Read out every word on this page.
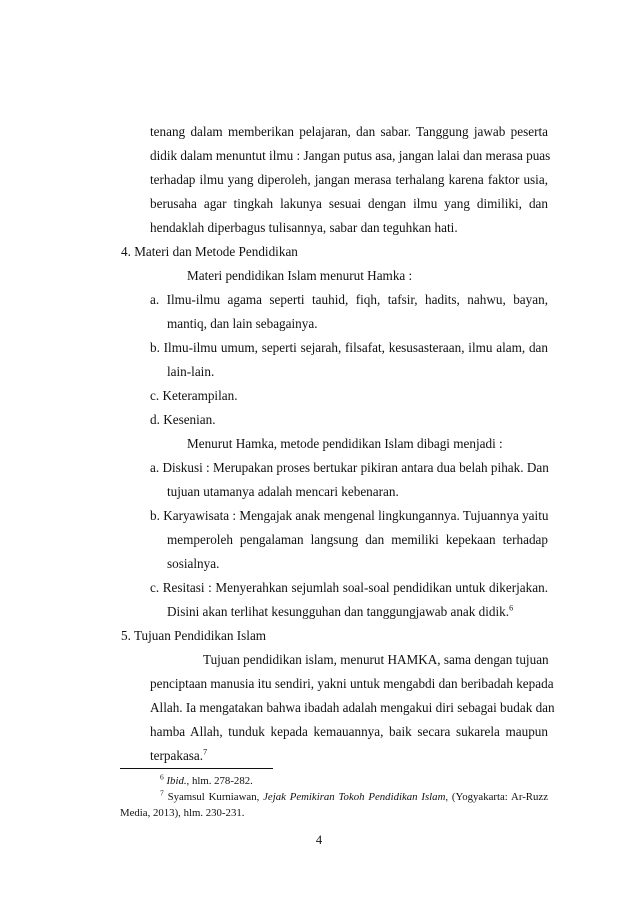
tenang dalam memberikan pelajaran, dan sabar. Tanggung jawab peserta

didik dalam menuntut ilmu : Jangan putus asa, jangan lalai dan merasa puas

terhadap ilmu yang diperoleh, jangan merasa terhalang karena faktor usia,

berusaha agar tingkah lakunya sesuai dengan ilmu yang dimiliki, dan

hendaklah diperbagus tulisannya, sabar dan teguhkan hati.

4. Materi dan Metode Pendidikan

Materi pendidikan Islam menurut Hamka :

a. Ilmu-ilmu agama seperti tauhid, fiqh, tafsir, hadits, nahwu, bayan,

mantiq, dan lain sebagainya.

b. Ilmu-ilmu umum, seperti sejarah, filsafat, kesusasteraan, ilmu alam, dan

lain-lain.

c. Keterampilan.

d. Kesenian.

Menurut Hamka, metode pendidikan Islam dibagi menjadi :

a. Diskusi : Merupakan proses bertukar pikiran antara dua belah pihak. Dan

tujuan utamanya adalah mencari kebenaran.

b. Karyawisata : Mengajak anak mengenal lingkungannya. Tujuannya yaitu

memperoleh pengalaman langsung dan memiliki kepekaan terhadap

sosialnya.

c. Resitasi : Menyerahkan sejumlah soal-soal pendidikan untuk dikerjakan.

Disini akan terlihat kesungguhan dan tanggungjawab anak didik.$^6$

5. Tujuan Pendidikan Islam

Tujuan pendidikan islam, menurut HAMKA, sama dengan tujuan

penciptaan manusia itu sendiri, yakni untuk mengabdi dan beribadah kepada

Allah. Ia mengatakan bahwa ibadah adalah mengakui diri sebagai budak dan

hamba Allah, tunduk kepada kemauannya, baik secara sukarela maupun

terpakasa.$^7$

$^6$ Ibid., hlm. 278-282.

$^7$ Syamsul Kurniawan, Jejak Pemikiran Tokoh Pendidikan Islam, (Yogyakarta: Ar-Ruzz

Media, 2013), hlm. 230-231.

4
